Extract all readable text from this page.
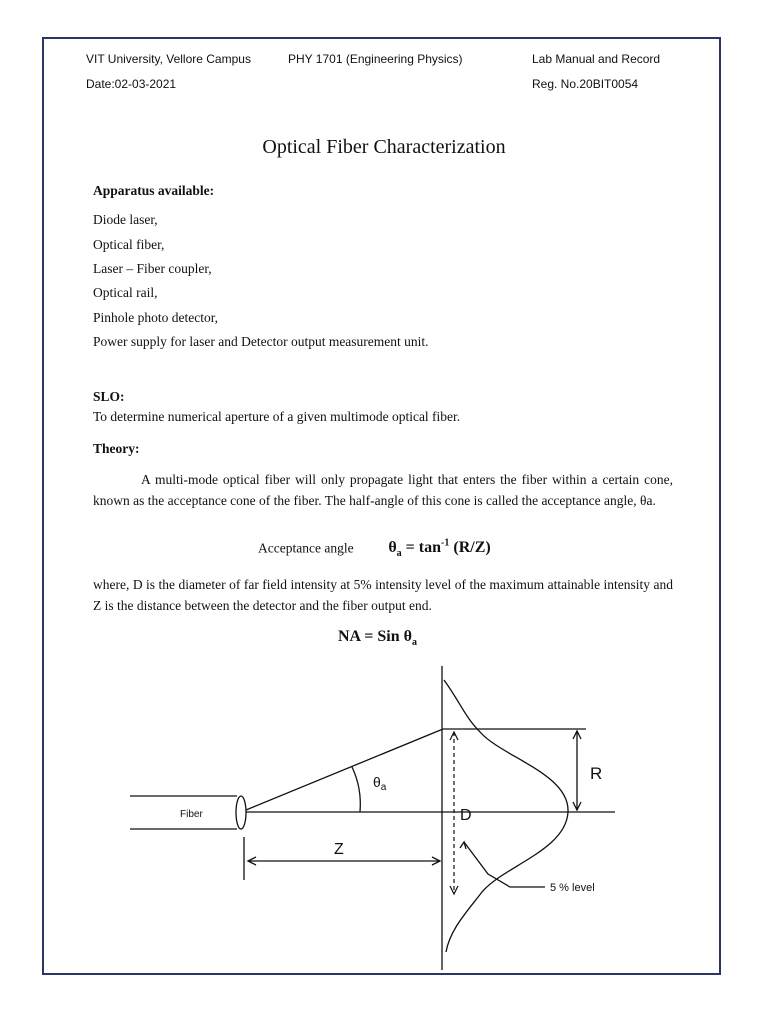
VIT University, Vellore Campus	PHY 1701 (Engineering Physics)	Lab Manual and Record
Date:02-03-2021	Reg. No.20BIT0054
Optical Fiber Characterization
Apparatus available:
Diode laser,
Optical fiber,
Laser – Fiber coupler,
Optical rail,
Pinhole photo detector,
Power supply for laser and Detector output measurement unit.
SLO:
To determine numerical aperture of a given multimode optical fiber.
Theory:
A multi-mode optical fiber will only propagate light that enters the fiber within a certain cone, known as the acceptance cone of the fiber. The half-angle of this cone is called the acceptance angle, θa.
Acceptance angle $\theta_a = \tan^{-1} (R/Z)$
where, D is the diameter of far field intensity at 5% intensity level of the maximum attainable intensity and Z is the distance between the detector and the fiber output end.
NA = Sin $\theta_a$
Fiber
$\theta_a$
R
D
Z
5 % level
